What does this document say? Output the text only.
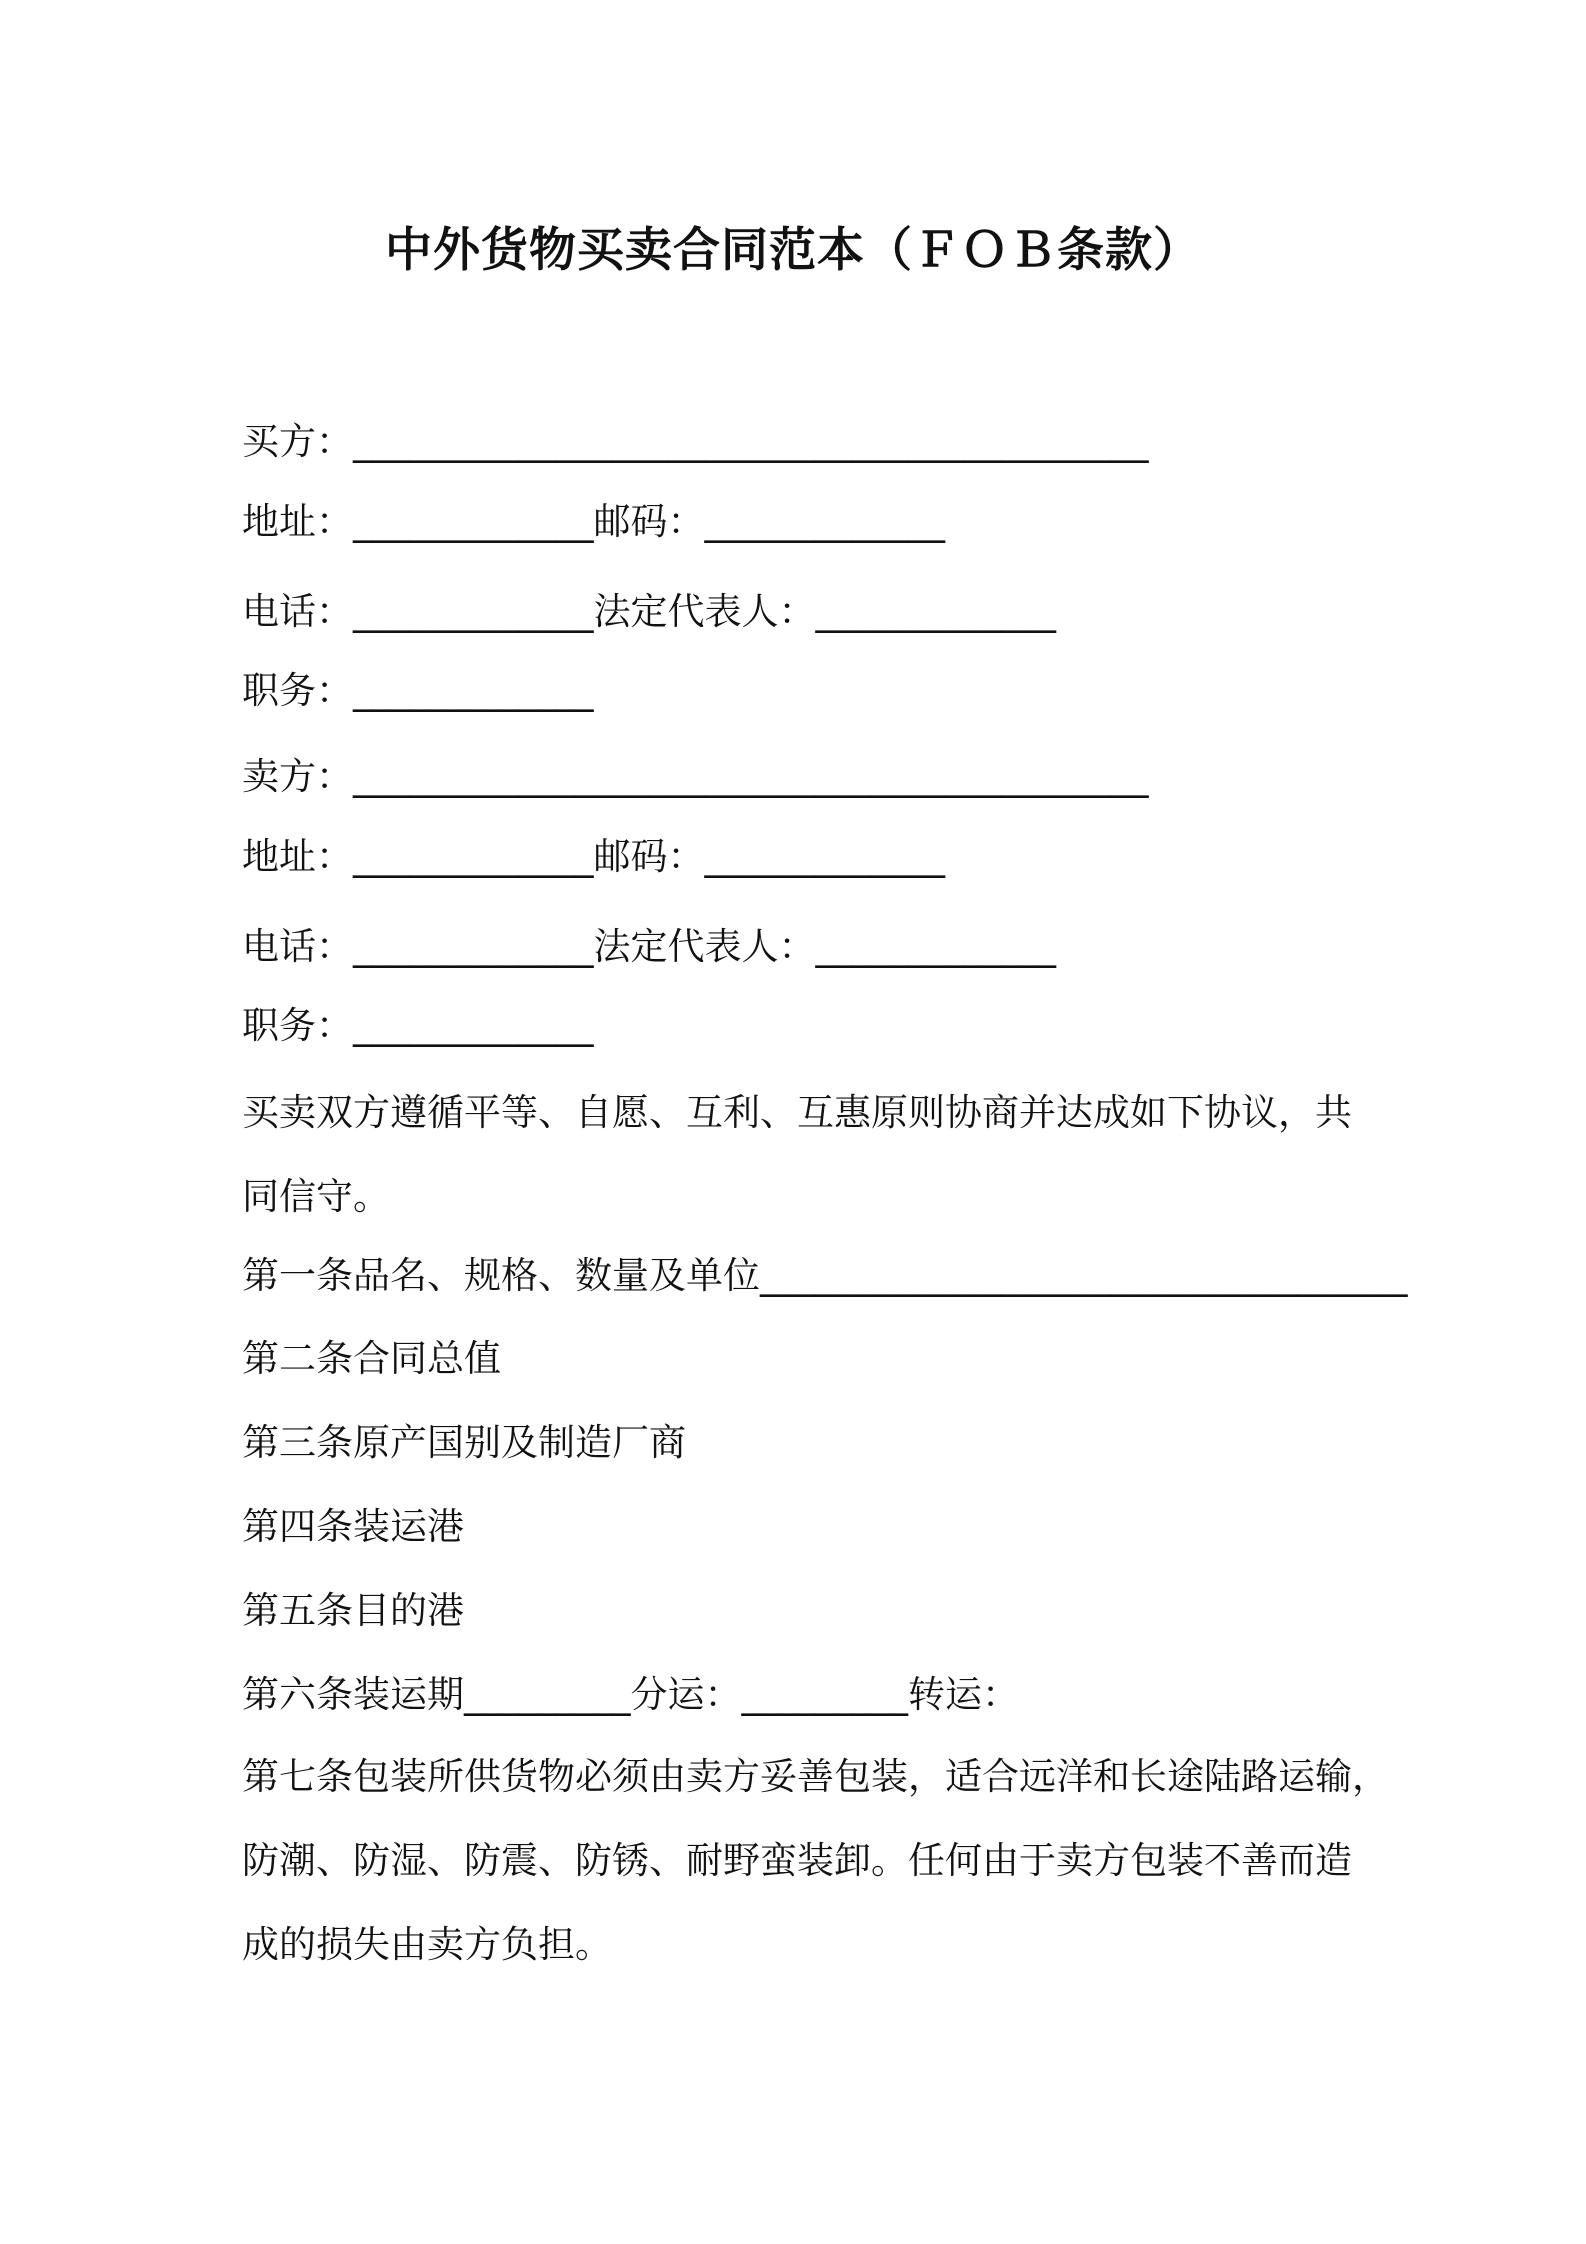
中外货物买卖合同范本（ＦＯＢ条款）
买方：___________________________________________
地址：_____________邮码：_____________
电话：_____________法定代表人：_____________
职务：_____________
卖方：___________________________________________
地址：_____________邮码：_____________
电话：_____________法定代表人：_____________
职务：_____________
买卖双方遵循平等、自愿、互利、互惠原则协商并达成如下协议，共
同信守。
第一条品名、规格、数量及单位___________________________________
第二条合同总值
第三条原产国别及制造厂商
第四条装运港
第五条目的港
第六条装运期_________分运：_________转运：
第七条包装所供货物必须由卖方妥善包装，适合远洋和长途陆路运输，
防潮、防湿、防震、防锈、耐野蛮装卸。任何由于卖方包装不善而造
成的损失由卖方负担。
